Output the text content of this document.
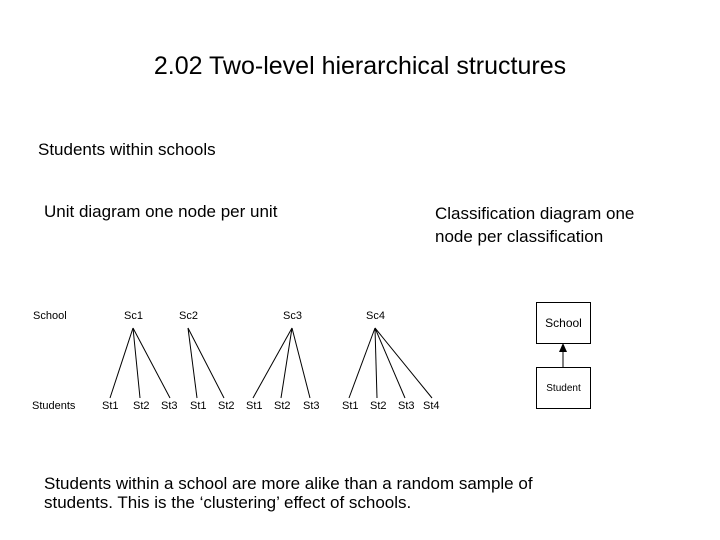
2.02 Two-level hierarchical structures
Students within schools
Unit diagram one node per unit	Classification diagram one node per classification
School
Students
Sc1	Sc2	Sc3	Sc4
St1 St2 St3 St1 St2 St1 St2 St3 St1 St2 St3 St4
School
Student
Students within a school are more alike than a random sample of
students. This is the ‘clustering’ effect of schools.
